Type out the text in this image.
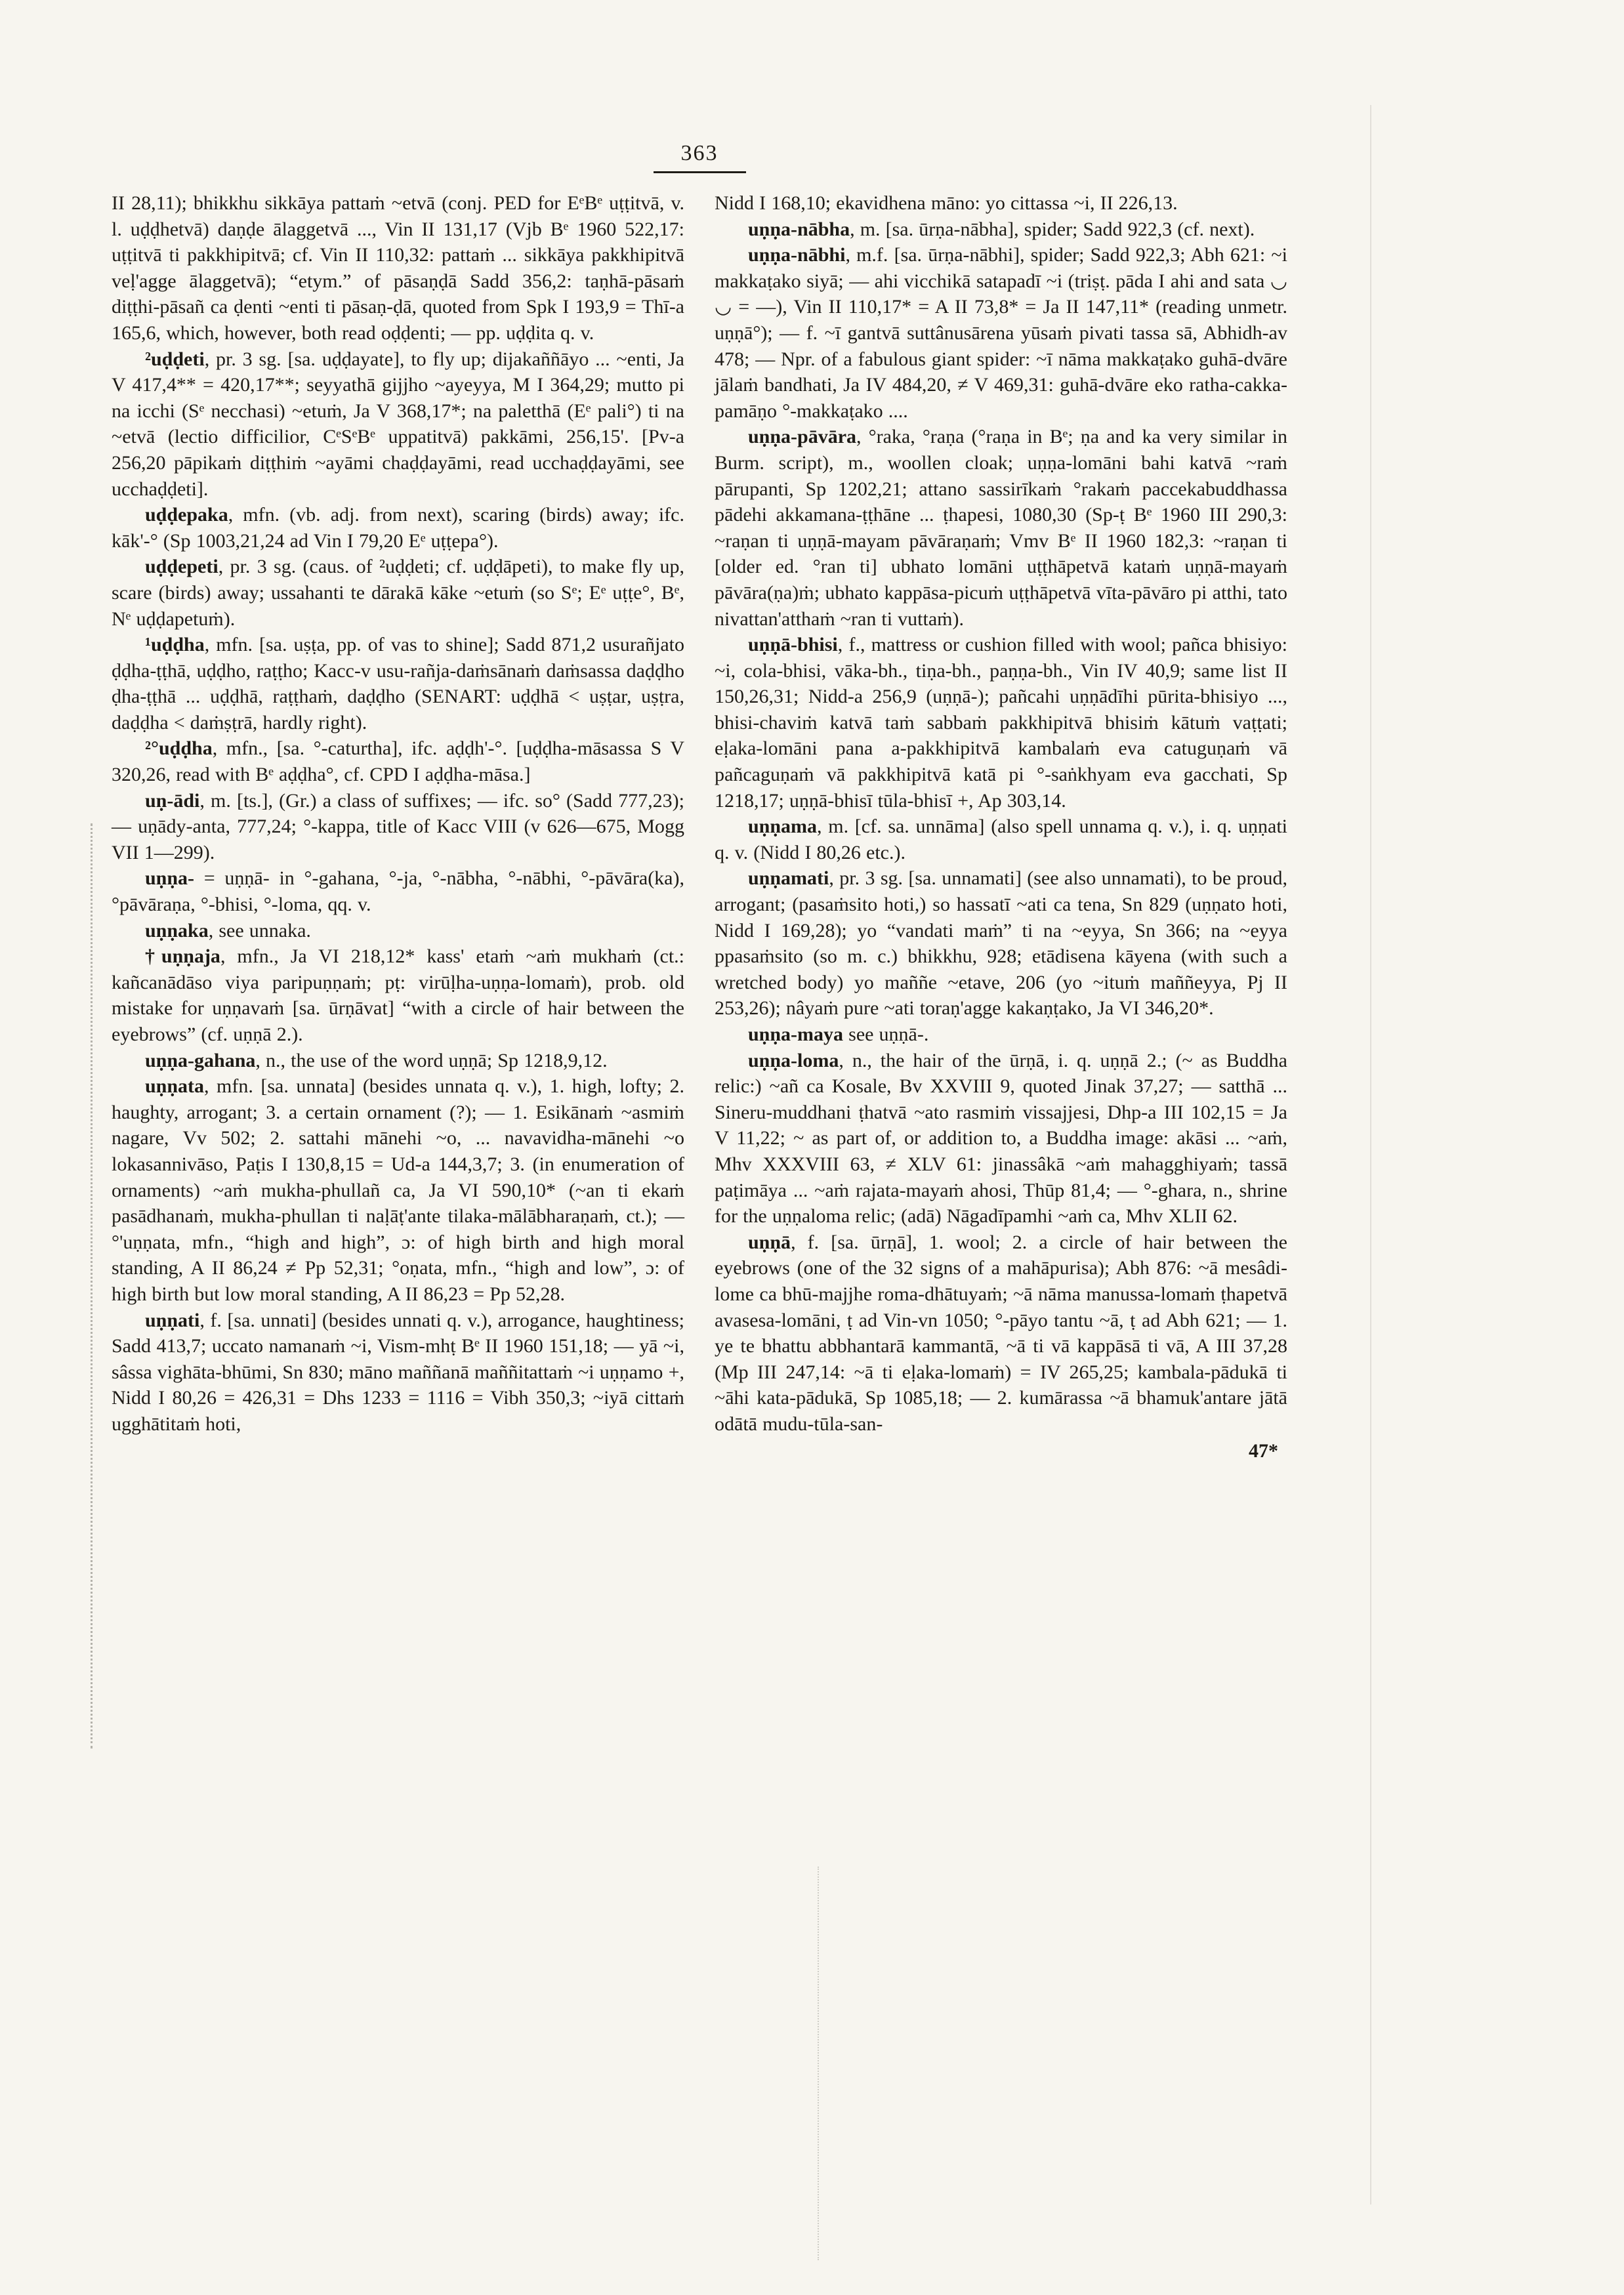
363

II 28,11); bhikkhu sikkāya pattaṁ ~etvā (conj. PED for EᵉBᵉ uṭṭitvā, v. l. uḍḍhetvā) daṇḍe ālaggetvā ..., Vin II 131,17 (Vjb Bᵉ 1960 522,17: uṭṭitvā ti pakkhipitvā; cf. Vin II 110,32: pattaṁ ... sikkāya pakkhipitvā veḷ'agge ālaggetvā); “etym.” of pāsaṇḍā Sadd 356,2: taṇhā-pāsaṁ diṭṭhi-pāsañ ca ḍenti ~enti ti pāsaṇ-ḍā, quoted from Spk I 193,9 = Thī-a 165,6, which, however, both read oḍḍenti; — pp. uḍḍita q. v.

²uḍḍeti, pr. 3 sg. [sa. uḍḍayate], to fly up; dijakaññāyo ... ~enti, Ja V 417,4** = 420,17**; seyyathā gijjho ~ayeyya, M I 364,29; mutto pi na icchi (Sᵉ necchasi) ~etuṁ, Ja V 368,17*; na paletthā (Eᵉ pali°) ti na ~etvā (lectio difficilior, CᵉSᵉBᵉ uppatitvā) pakkāmi, 256,15'. [Pv-a 256,20 pāpikaṁ diṭṭhiṁ ~ayāmi chaḍḍayāmi, read ucchaḍḍayāmi, see ucchaḍḍeti].

uḍḍepaka, mfn. (vb. adj. from next), scaring (birds) away; ifc. kāk'-° (Sp 1003,21,24 ad Vin I 79,20 Eᵉ uṭṭepa°).

uḍḍepeti, pr. 3 sg. (caus. of ²uḍḍeti; cf. uḍḍāpeti), to make fly up, scare (birds) away; ussahanti te dārakā kāke ~etuṁ (so Sᵉ; Eᵉ uṭṭe°, Bᵉ, Nᵉ uḍḍapetuṁ).

¹uḍḍha, mfn. [sa. uṣṭa, pp. of vas to shine]; Sadd 871,2 usurañjato ḍḍha-ṭṭhā, uḍḍho, raṭṭho; Kacc-v usu-rañja-daṁsānaṁ daṁsassa daḍḍho ḍha-ṭṭhā ... uḍḍhā, raṭṭhaṁ, daḍḍho (SENART: uḍḍhā < uṣṭar, uṣṭra, daḍḍha < daṁṣṭrā, hardly right).

²°uḍḍha, mfn., [sa. °-caturtha], ifc. aḍḍh'-°. [uḍḍha-māsassa S V 320,26, read with Bᵉ aḍḍha°, cf. CPD I aḍḍha-māsa.]

uṇ-ādi, m. [ts.], (Gr.) a class of suffixes; — ifc. so° (Sadd 777,23); — uṇādy-anta, 777,24; °-kappa, title of Kacc VIII (v 626—675, Mogg VII 1—299).

uṇṇa- = uṇṇā- in °-gahana, °-ja, °-nābha, °-nābhi, °-pāvāra(ka), °pāvāraṇa, °-bhisi, °-loma, qq. v.

uṇṇaka, see unnaka.

†uṇṇaja, mfn., Ja VI 218,12* kass' etaṁ ~aṁ mukhaṁ (ct.: kañcanādāso viya paripuṇṇaṁ; pṭ: virūḷha-uṇṇa-lomaṁ), prob. old mistake for uṇṇavaṁ [sa. ūrṇāvat] “with a circle of hair between the eyebrows” (cf. uṇṇā 2.).

uṇṇa-gahana, n., the use of the word uṇṇā; Sp 1218,9,12.

uṇṇata, mfn. [sa. unnata] (besides unnata q. v.), 1. high, lofty; 2. haughty, arrogant; 3. a certain ornament (?); — 1. Esikānaṁ ~asmiṁ nagare, Vv 502; 2. sattahi mānehi ~o, ... navavidha-mānehi ~o lokasannivāso, Paṭis I 130,8,15 = Ud-a 144,3,7; 3. (in enumeration of ornaments) ~aṁ mukha-phullañ ca, Ja VI 590,10* (~an ti ekaṁ pasādhanaṁ, mukha-phullan ti naḷāṭ'ante tilaka-mālābharaṇaṁ, ct.); — °'uṇṇata, mfn., “high and high”, ɔ: of high birth and high moral standing, A II 86,24 ≠ Pp 52,31; °oṇata, mfn., “high and low”, ɔ: of high birth but low moral standing, A II 86,23 = Pp 52,28.

uṇṇati, f. [sa. unnati] (besides unnati q. v.), arrogance, haughtiness; Sadd 413,7; uccato namanaṁ ~i, Vism-mhṭ Bᵉ II 1960 151,18; — yā ~i, sâssa vighāta-bhūmi, Sn 830; māno maññanā maññitattaṁ ~i uṇṇamo +, Nidd I 80,26 = 426,31 = Dhs 1233 = 1116 = Vibh 350,3; ~iyā cittaṁ ugghātitaṁ hoti,

Nidd I 168,10; ekavidhena māno: yo cittassa ~i, II 226,13.

uṇṇa-nābha, m. [sa. ūrṇa-nābha], spider; Sadd 922,3 (cf. next).

uṇṇa-nābhi, m.f. [sa. ūrṇa-nābhi], spider; Sadd 922,3; Abh 621: ~i makkaṭako siyā; — ahi vicchikā satapadī ~i (triṣṭ. pāda I ahi and sata ◡ ◡ = —), Vin II 110,17* = A II 73,8* = Ja II 147,11* (reading unmetr. uṇṇā°); — f. ~ī gantvā suttânusārena yūsaṁ pivati tassa sā, Abhidh-av 478; — Npr. of a fabulous giant spider: ~ī nāma makkaṭako guhā-dvāre jālaṁ bandhati, Ja IV 484,20, ≠ V 469,31: guhā-dvāre eko ratha-cakka-pamāṇo °-makkaṭako ....

uṇṇa-pāvāra, °raka, °raṇa (°raṇa in Bᵉ; ṇa and ka very similar in Burm. script), m., woollen cloak; uṇṇa-lomāni bahi katvā ~raṁ pārupanti, Sp 1202,21; attano sassirīkaṁ °rakaṁ paccekabuddhassa pādehi akkamana-ṭṭhāne ... ṭhapesi, 1080,30 (Sp-ṭ Bᵉ 1960 III 290,3: ~raṇan ti uṇṇā-mayam pāvāraṇaṁ; Vmv Bᵉ II 1960 182,3: ~raṇan ti [older ed. °ran ti] ubhato lomāni uṭṭhāpetvā kataṁ uṇṇā-mayaṁ pāvāra(ṇa)ṁ; ubhato kappāsa-picuṁ uṭṭhāpetvā vīta-pāvāro pi atthi, tato nivattan'atthaṁ ~ran ti vuttaṁ).

uṇṇā-bhisi, f., mattress or cushion filled with wool; pañca bhisiyo: ~i, cola-bhisi, vāka-bh., tiṇa-bh., paṇṇa-bh., Vin IV 40,9; same list II 150,26,31; Nidd-a 256,9 (uṇṇā-); pañcahi uṇṇādīhi pūrita-bhisiyo ..., bhisi-chaviṁ katvā taṁ sabbaṁ pakkhipitvā bhisiṁ kātuṁ vaṭṭati; eḷaka-lomāni pana a-pakkhipitvā kambalaṁ eva catuguṇaṁ vā pañcaguṇaṁ vā pakkhipitvā katā pi °-saṅkhyam eva gacchati, Sp 1218,17; uṇṇā-bhisī tūla-bhisī +, Ap 303,14.

uṇṇama, m. [cf. sa. unnāma] (also spell unnama q. v.), i. q. uṇṇati q. v. (Nidd I 80,26 etc.).

uṇṇamati, pr. 3 sg. [sa. unnamati] (see also unnamati), to be proud, arrogant; (pasaṁsito hoti,) so hassatī ~ati ca tena, Sn 829 (uṇṇato hoti, Nidd I 169,28); yo “vandati maṁ” ti na ~eyya, Sn 366; na ~eyya ppasaṁsito (so m. c.) bhikkhu, 928; etādisena kāyena (with such a wretched body) yo maññe ~etave, 206 (yo ~ituṁ maññeyya, Pj II 253,26); nâyaṁ pure ~ati toraṇ'agge kakaṇṭako, Ja VI 346,20*.

uṇṇa-maya see uṇṇā-.

uṇṇa-loma, n., the hair of the ūrṇā, i. q. uṇṇā 2.; (~ as Buddha relic:) ~añ ca Kosale, Bv XXVIII 9, quoted Jinak 37,27; — satthā ... Sineru-muddhani ṭhatvā ~ato rasmiṁ vissajjesi, Dhp-a III 102,15 = Ja V 11,22; ~ as part of, or addition to, a Buddha image: akāsi ... ~aṁ, Mhv XXXVIII 63, ≠ XLV 61: jinassâkā ~aṁ mahagghiyaṁ; tassā paṭimāya ... ~aṁ rajata-mayaṁ ahosi, Thūp 81,4; — °-ghara, n., shrine for the uṇṇaloma relic; (adā) Nāgadīpamhi ~aṁ ca, Mhv XLII 62.

uṇṇā, f. [sa. ūrṇā], 1. wool; 2. a circle of hair between the eyebrows (one of the 32 signs of a mahāpurisa); Abh 876: ~ā mesâdi-lome ca bhū-majjhe roma-dhātuyaṁ; ~ā nāma manussa-lomaṁ ṭhapetvā avasesa-lomāni, ṭ ad Vin-vn 1050; °-pāyo tantu ~ā, ṭ ad Abh 621; — 1. ye te bhattu abbhantarā kammantā, ~ā ti vā kappāsā ti vā, A III 37,28 (Mp III 247,14: ~ā ti eḷaka-lomaṁ) = IV 265,25; kambala-pādukā ti ~āhi kata-pādukā, Sp 1085,18; — 2. kumārassa ~ā bhamuk'antare jātā odātā mudu-tūla-san-

47*
